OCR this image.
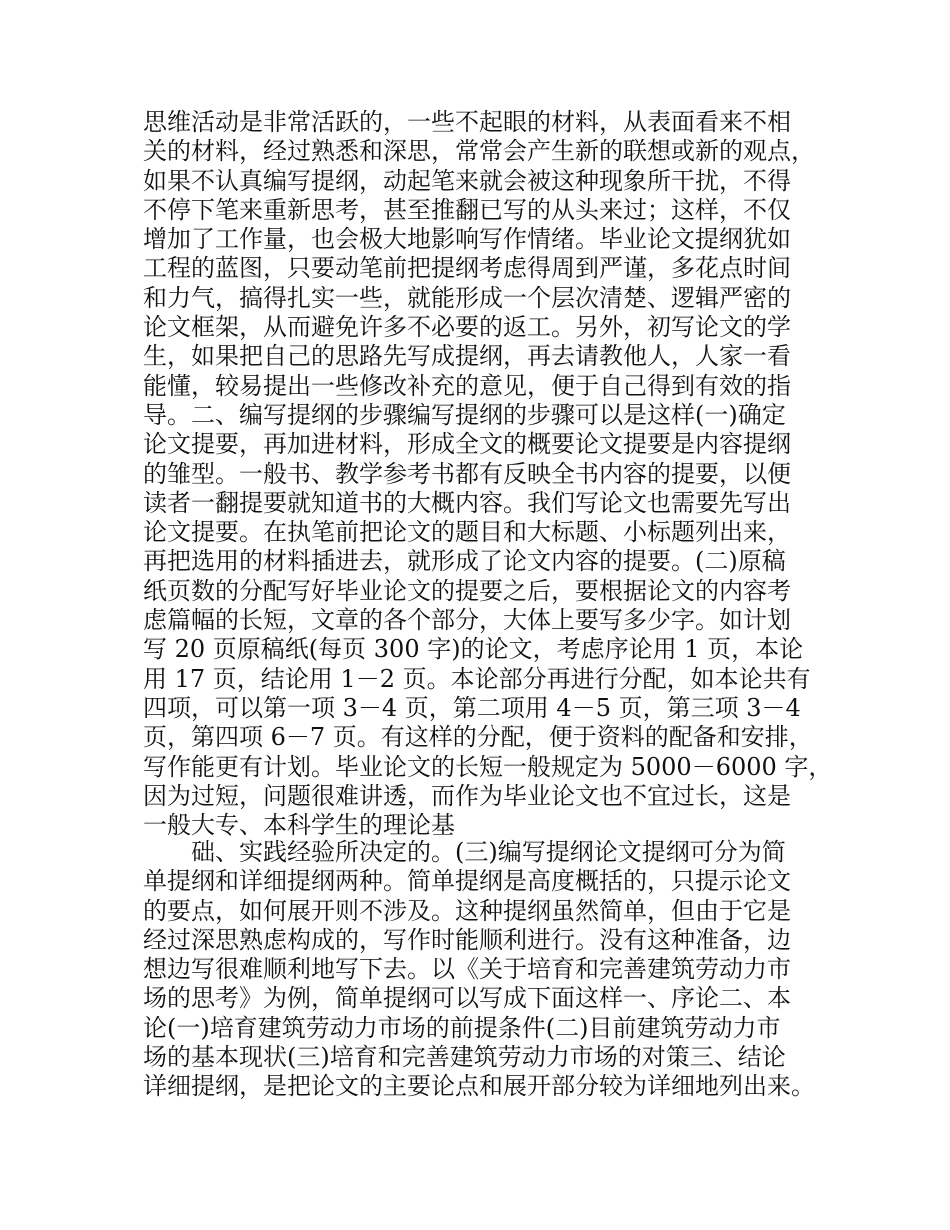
思维活动是非常活跃的，一些不起眼的材料，从表面看来不相
关的材料，经过熟悉和深思，常常会产生新的联想或新的观点，
如果不认真编写提纲，动起笔来就会被这种现象所干扰，不得
不停下笔来重新思考，甚至推翻已写的从头来过；这样，不仅
增加了工作量，也会极大地影响写作情绪。毕业论文提纲犹如
工程的蓝图，只要动笔前把提纲考虑得周到严谨，多花点时间
和力气，搞得扎实一些，就能形成一个层次清楚、逻辑严密的
论文框架，从而避免许多不必要的返工。另外，初写论文的学
生，如果把自己的思路先写成提纲，再去请教他人，人家一看
能懂，较易提出一些修改补充的意见，便于自己得到有效的指
导。二、编写提纲的步骤编写提纲的步骤可以是这样(一)确定
论文提要，再加进材料，形成全文的概要论文提要是内容提纲
的雏型。一般书、教学参考书都有反映全书内容的提要，以便
读者一翻提要就知道书的大概内容。我们写论文也需要先写出
论文提要。在执笔前把论文的题目和大标题、小标题列出来，
再把选用的材料插进去，就形成了论文内容的提要。(二)原稿
纸页数的分配写好毕业论文的提要之后，要根据论文的内容考
虑篇幅的长短，文章的各个部分，大体上要写多少字。如计划
写 20 页原稿纸(每页 300 字)的论文，考虑序论用 1 页，本论
用 17 页，结论用 1－2 页。本论部分再进行分配，如本论共有
四项，可以第一项 3－4 页，第二项用 4－5 页，第三项 3－4
页，第四项 6－7 页。有这样的分配，便于资料的配备和安排，
写作能更有计划。毕业论文的长短一般规定为 5000－6000 字，
因为过短，问题很难讲透，而作为毕业论文也不宜过长，这是
一般大专、本科学生的理论基
　　础、实践经验所决定的。(三)编写提纲论文提纲可分为简
单提纲和详细提纲两种。简单提纲是高度概括的，只提示论文
的要点，如何展开则不涉及。这种提纲虽然简单，但由于它是
经过深思熟虑构成的，写作时能顺利进行。没有这种准备，边
想边写很难顺利地写下去。以《关于培育和完善建筑劳动力市
场的思考》为例，简单提纲可以写成下面这样一、序论二、本
论(一)培育建筑劳动力市场的前提条件(二)目前建筑劳动力市
场的基本现状(三)培育和完善建筑劳动力市场的对策三、结论
详细提纲，是把论文的主要论点和展开部分较为详细地列出来。
